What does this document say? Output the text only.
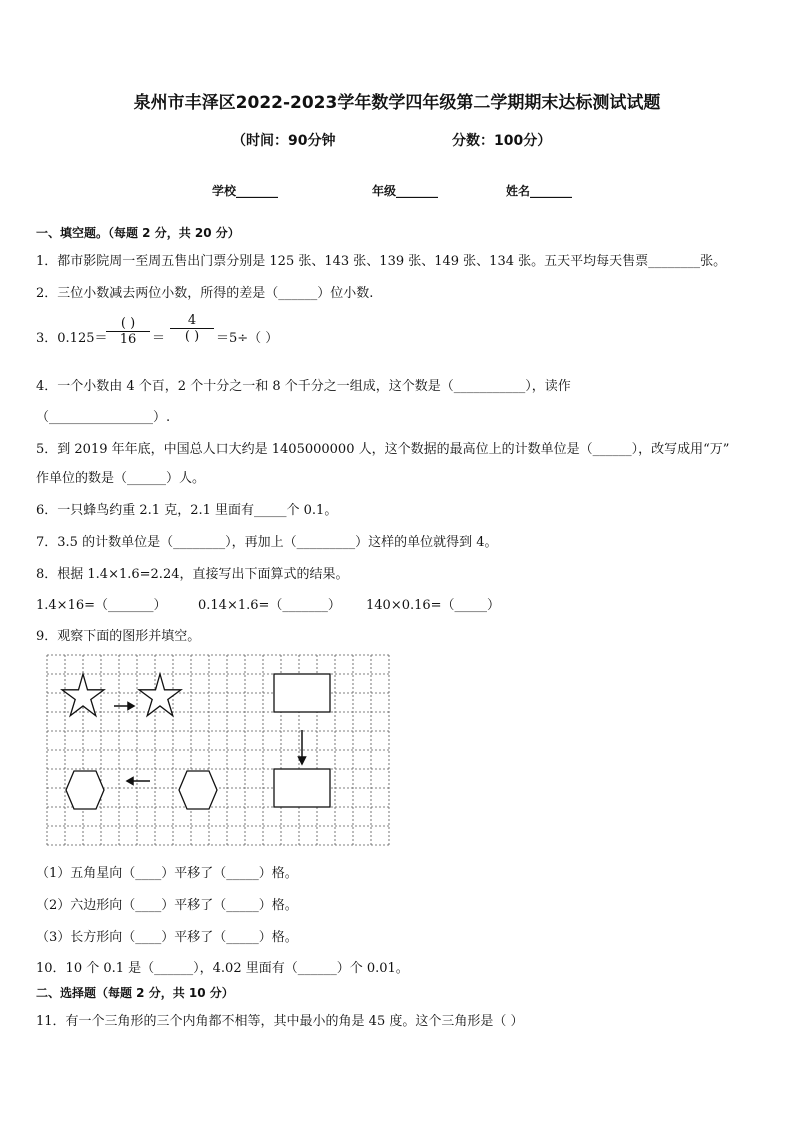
泉州市丰泽区2022-2023学年数学四年级第二学期期末达标测试试题
（时间：90分钟	分数：100分）
学校_______	年级_______	姓名_______
一、填空题。（每题 2 分，共 20 分）
1．都市影院周一至周五售出门票分别是 125 张、143 张、139 张、149 张、134 张。五天平均每天售票________张。
2．三位小数减去两位小数，所得的差是（______）位小数.
3．0.125＝
( )
16	＝
4
( )	＝5÷（ ）
4．一个小数由 4 个百，2 个十分之一和 8 个千分之一组成，这个数是（___________），读作
（________________）.
5．到 2019 年年底，中国总人口大约是 1405000000 人，这个数据的最高位上的计数单位是（______），改写成用“万”
作单位的数是（______）人。
6．一只蜂鸟约重 2.1 克，2.1 里面有_____个 0.1。
7．3.5 的计数单位是（________），再加上（_________）这样的单位就得到 4。
8．根据 1.4×1.6=2.24，直接写出下面算式的结果。
1.4×16=（_______） 0.14×1.6=（_______） 140×0.16=（_____）
9．观察下面的图形并填空。
（1）五角星向（____）平移了（_____）格。
（2）六边形向（____）平移了（_____）格。
（3）长方形向（____）平移了（_____）格。
10．10 个 0.1 是（______），4.02 里面有（______）个 0.01。
二、选择题（每题 2 分，共 10 分）
11．有一个三角形的三个内角都不相等，其中最小的角是 45 度。这个三角形是（ ）
